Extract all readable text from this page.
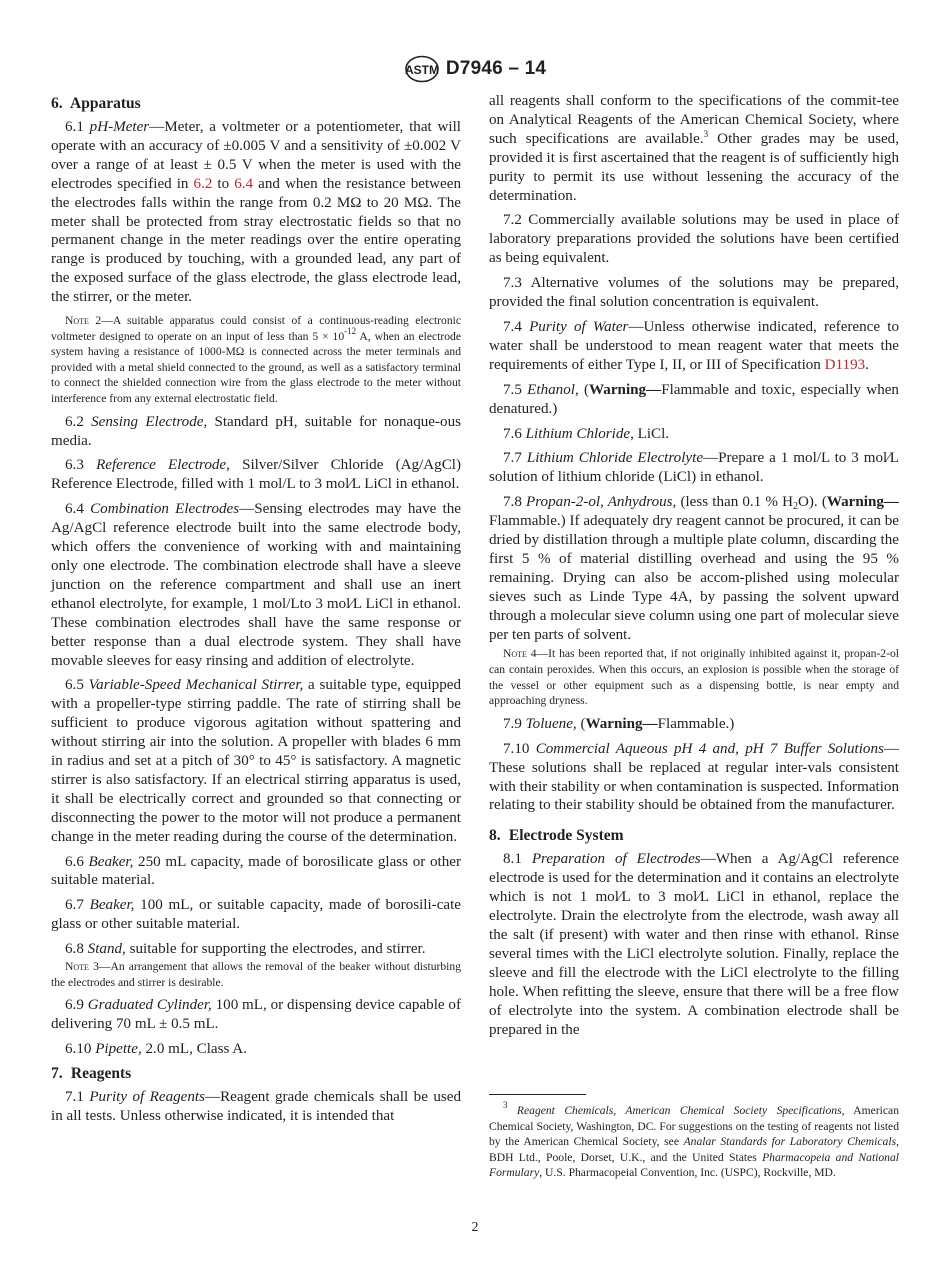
ASTM D7946 – 14
6. Apparatus

6.1 pH-Meter—Meter, a voltmeter or a potentiometer, that will operate with an accuracy of ±0.005 V and a sensitivity of ±0.002 V over a range of at least ± 0.5 V when the meter is used with the electrodes specified in 6.2 to 6.4 and when the resistance between the electrodes falls within the range from 0.2 MΩ to 20 MΩ. The meter shall be protected from stray electrostatic fields so that no permanent change in the meter readings over the entire operating range is produced by touching, with a grounded lead, any part of the exposed surface of the glass electrode, the glass electrode lead, the stirrer, or the meter.

Note 2—A suitable apparatus could consist of a continuous-reading electronic voltmeter designed to operate on an input of less than $5 \times 10^{-12}$ A, when an electrode system having a resistance of 1000-MΩ is connected across the meter terminals and provided with a metal shield connected to the ground, as well as a satisfactory terminal to connect the shielded connection wire from the glass electrode to the meter without interference from any external electrostatic field.

6.2 Sensing Electrode, Standard pH, suitable for nonaque-ous media.

6.3 Reference Electrode, Silver/Silver Chloride (Ag/AgCl) Reference Electrode, filled with 1 mol/L to 3 mol⁄L LiCl in ethanol.

6.4 Combination Electrodes—Sensing electrodes may have the Ag/AgCl reference electrode built into the same electrode body, which offers the convenience of working with and maintaining only one electrode. The combination electrode shall have a sleeve junction on the reference compartment and shall use an inert ethanol electrolyte, for example, 1 mol/Lto 3 mol⁄L LiCl in ethanol. These combination electrodes shall have the same response or better response than a dual electrode system. They shall have movable sleeves for easy rinsing and addition of electrolyte.

6.5 Variable-Speed Mechanical Stirrer, a suitable type, equipped with a propeller-type stirring paddle. The rate of stirring shall be sufficient to produce vigorous agitation without spattering and without stirring air into the solution. A propeller with blades 6 mm in radius and set at a pitch of 30° to 45° is satisfactory. A magnetic stirrer is also satisfactory. If an electrical stirring apparatus is used, it shall be electrically correct and grounded so that connecting or disconnecting the power to the motor will not produce a permanent change in the meter reading during the course of the determination.

6.6 Beaker, 250 mL capacity, made of borosilicate glass or other suitable material.

6.7 Beaker, 100 mL, or suitable capacity, made of borosili-cate glass or other suitable material.

6.8 Stand, suitable for supporting the electrodes, and stirrer.

Note 3—An arrangement that allows the removal of the beaker without disturbing the electrodes and stirrer is desirable.

6.9 Graduated Cylinder, 100 mL, or dispensing device capable of delivering 70 mL ± 0.5 mL.

6.10 Pipette, 2.0 mL, Class A.

7. Reagents

7.1 Purity of Reagents—Reagent grade chemicals shall be used in all tests. Unless otherwise indicated, it is intended that

all reagents shall conform to the specifications of the commit-tee on Analytical Reagents of the American Chemical Society, where such specifications are available.$^3$ Other grades may be used, provided it is first ascertained that the reagent is of sufficiently high purity to permit its use without lessening the accuracy of the determination.

7.2 Commercially available solutions may be used in place of laboratory preparations provided the solutions have been certified as being equivalent.

7.3 Alternative volumes of the solutions may be prepared, provided the final solution concentration is equivalent.

7.4 Purity of Water—Unless otherwise indicated, reference to water shall be understood to mean reagent water that meets the requirements of either Type I, II, or III of Specification D1193.

7.5 Ethanol, (Warning—Flammable and toxic, especially when denatured.)

7.6 Lithium Chloride, LiCl.

7.7 Lithium Chloride Electrolyte—Prepare a 1 mol/L to 3 mol⁄L solution of lithium chloride (LiCl) in ethanol.

7.8 Propan-2-ol, Anhydrous, (less than 0.1 % $H_2O$). (Warning—Flammable.) If adequately dry reagent cannot be procured, it can be dried by distillation through a multiple plate column, discarding the first 5 % of material distilling overhead and using the 95 % remaining. Drying can also be accom-plished using molecular sieves such as Linde Type 4A, by passing the solvent upward through a molecular sieve column using one part of molecular sieve per ten parts of solvent.

Note 4—It has been reported that, if not originally inhibited against it, propan-2-ol can contain peroxides. When this occurs, an explosion is possible when the storage of the vessel or other equipment such as a dispensing bottle, is near empty and approaching dryness.

7.9 Toluene, (Warning—Flammable.)

7.10 Commercial Aqueous pH 4 and, pH 7 Buffer Solutions—These solutions shall be replaced at regular inter-vals consistent with their stability or when contamination is suspected. Information relating to their stability should be obtained from the manufacturer.

8. Electrode System

8.1 Preparation of Electrodes—When a Ag/AgCl reference electrode is used for the determination and it contains an electrolyte which is not 1 mol⁄L to 3 mol⁄L LiCl in ethanol, replace the electrolyte. Drain the electrolyte from the electrode, wash away all the salt (if present) with water and then rinse with ethanol. Rinse several times with the LiCl electrolyte solution. Finally, replace the sleeve and fill the electrode with the LiCl electrolyte to the filling hole. When refitting the sleeve, ensure that there will be a free flow of electrolyte into the system. A combination electrode shall be prepared in the

$^3$ Reagent Chemicals, American Chemical Society Specifications, American Chemical Society, Washington, DC. For suggestions on the testing of reagents not listed by the American Chemical Society, see Analar Standards for Laboratory Chemicals, BDH Ltd., Poole, Dorset, U.K., and the United States Pharmacopeia and National Formulary, U.S. Pharmacopeial Convention, Inc. (USPC), Rockville, MD.
2
